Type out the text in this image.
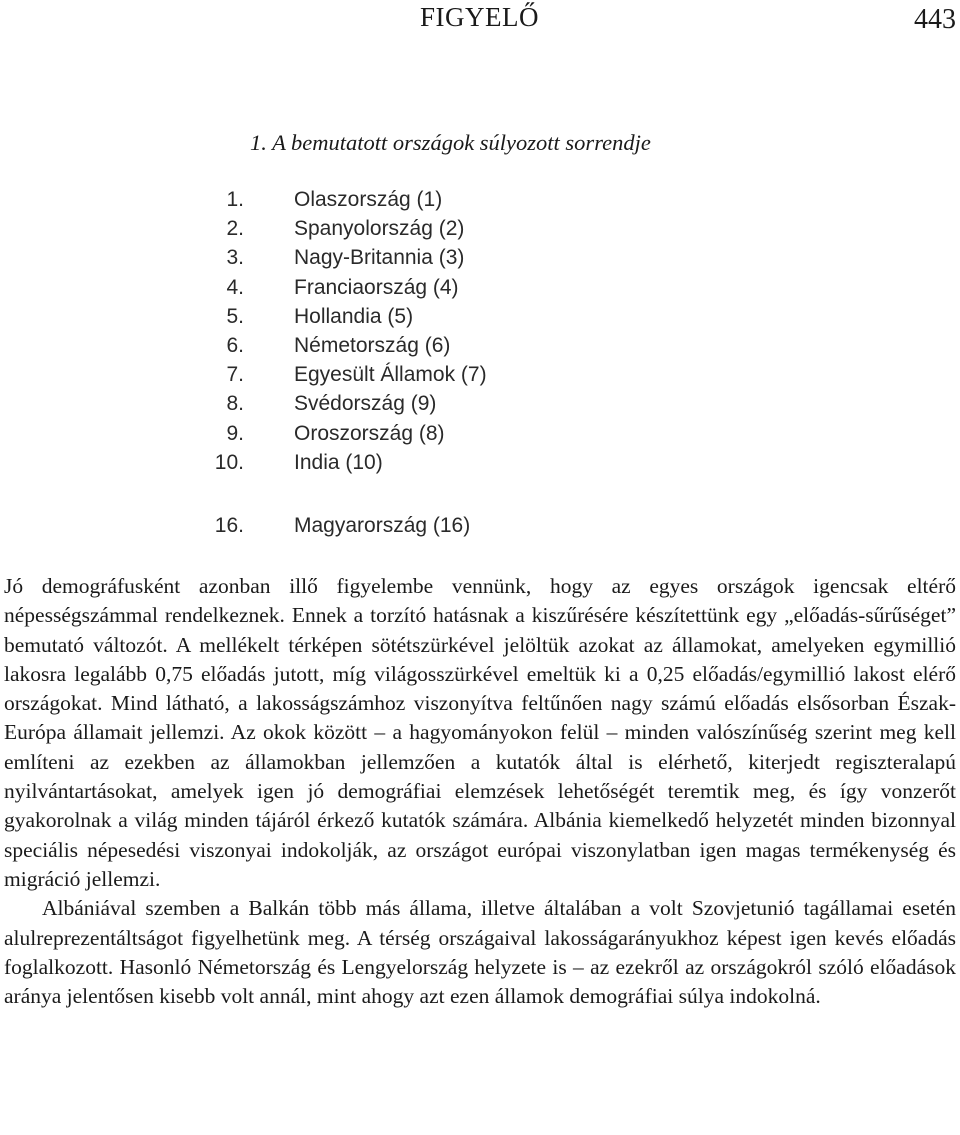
FIGYELŐ	443
1. A bemutatott országok súlyozott sorrendje
1. Olaszország (1)
2. Spanyolország (2)
3. Nagy-Britannia (3)
4. Franciaország (4)
5. Hollandia (5)
6. Németország (6)
7. Egyesült Államok (7)
8. Svédország (9)
9. Oroszország (8)
10. India (10)
16. Magyarország (16)

Jó demográfusként azonban illő figyelembe vennünk, hogy az egyes országok igencsak eltérő népességszámmal rendelkeznek. Ennek a torzító hatásnak a kiszűrésére készítettünk egy „előadás-sűrűséget” bemutató változót. A mellékelt térképen sötétszürkével jelöltük azokat az államokat, amelyeken egymillió lakosra legalább 0,75 előadás jutott, míg világosszürkével emeltük ki a 0,25 előadás/egymillió lakost elérő országokat. Mind látható, a lakosságszámhoz viszonyítva feltűnően nagy számú előadás elsősorban Észak-Európa államait jellemzi. Az okok között – a hagyományokon felül – minden valószínűség szerint meg kell említeni az ezekben az államokban jellemzően a kutatók által is elérhető, kiterjedt regiszteralapú nyilvántartásokat, amelyek igen jó demográfiai elemzések lehetőségét teremtik meg, és így vonzerőt gyakorolnak a világ minden tájáról érkező kutatók számára. Albánia kiemelkedő helyzetét minden bizonnyal speciális népesedési viszonyai indokolják, az országot európai viszonylatban igen magas termékenység és migráció jellemzi.

Albániával szemben a Balkán több más állama, illetve általában a volt Szovjetunió tagállamai esetén alulreprezentáltságot figyelhetünk meg. A térség országaival lakosságarányukhoz képest igen kevés előadás foglalkozott. Hasonló Németország és Lengyelország helyzete is – az ezekről az országokról szóló előadások aránya jelentősen kisebb volt annál, mint ahogy azt ezen államok demográfiai súlya indokolná.
